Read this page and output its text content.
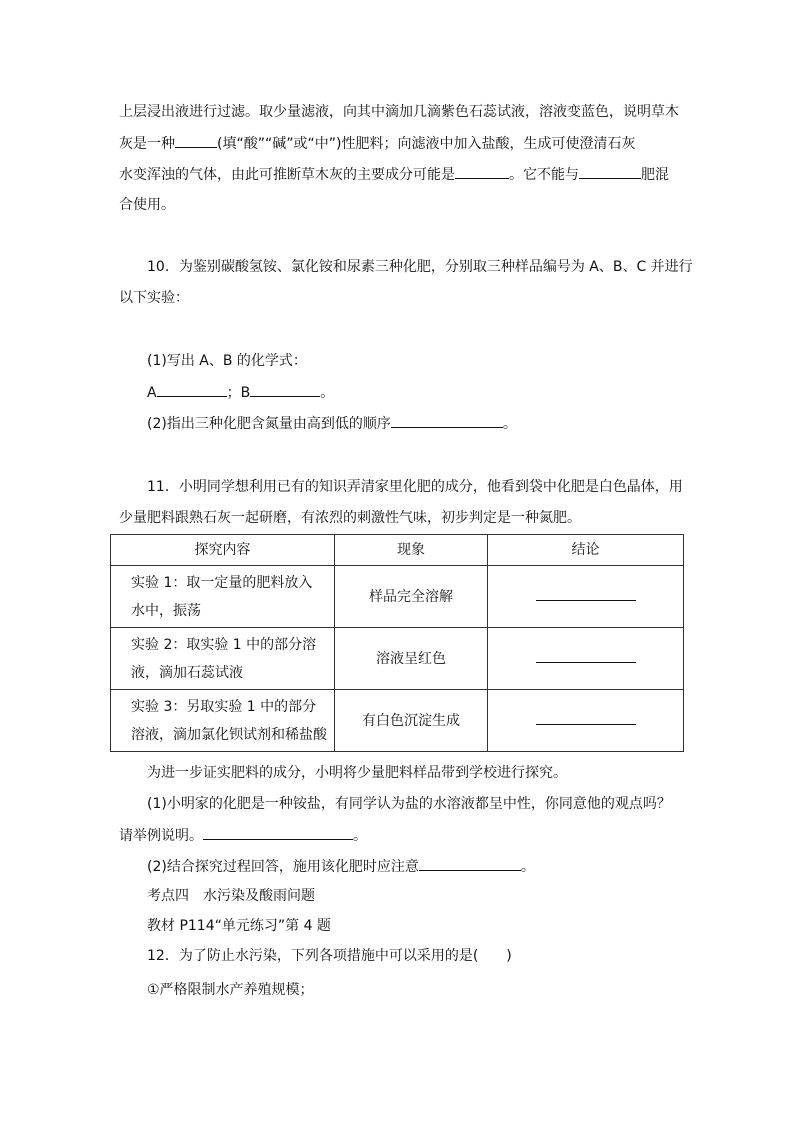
上层浸出液进行过滤。取少量滤液，向其中滴加几滴紫色石蕊试液，溶液变蓝色，说明草木
灰是一种	(填“酸”“碱”或“中”)性肥料；向滤液中加入盐酸，生成可使澄清石灰
水变浑浊的气体，由此可推断草木灰的主要成分可能是	。它不能与	肥混
合使用。
10．为鉴别碳酸氢铵、氯化铵和尿素三种化肥，分别取三种样品编号为 A、B、C 并进行
以下实验：
(1)写出 A、B 的化学式：
A	；B	。
(2)指出三种化肥含氮量由高到低的顺序	。
11．小明同学想利用已有的知识弄清家里化肥的成分，他看到袋中化肥是白色晶体，用
少量肥料跟熟石灰一起研磨，有浓烈的刺激性气味，初步判定是一种氮肥。
探究内容	现象	结论
实验 1：取一定量的肥料放入
水中，振荡	样品完全溶解	
实验 2：取实验 1 中的部分溶
液，滴加石蕊试液	溶液呈红色	
实验 3：另取实验 1 中的部分
溶液，滴加氯化钡试剂和稀盐酸	有白色沉淀生成	
为进一步证实肥料的成分，小明将少量肥料样品带到学校进行探究。
(1)小明家的化肥是一种铵盐，有同学认为盐的水溶液都呈中性，你同意他的观点吗？
请举例说明。	。
(2)结合探究过程回答，施用该化肥时应注意	。
考点四　水污染及酸雨问题
教材 P114“单元练习”第 4 题
12．为了防止水污染，下列各项措施中可以采用的是(　　)
①严格限制水产养殖规模；
